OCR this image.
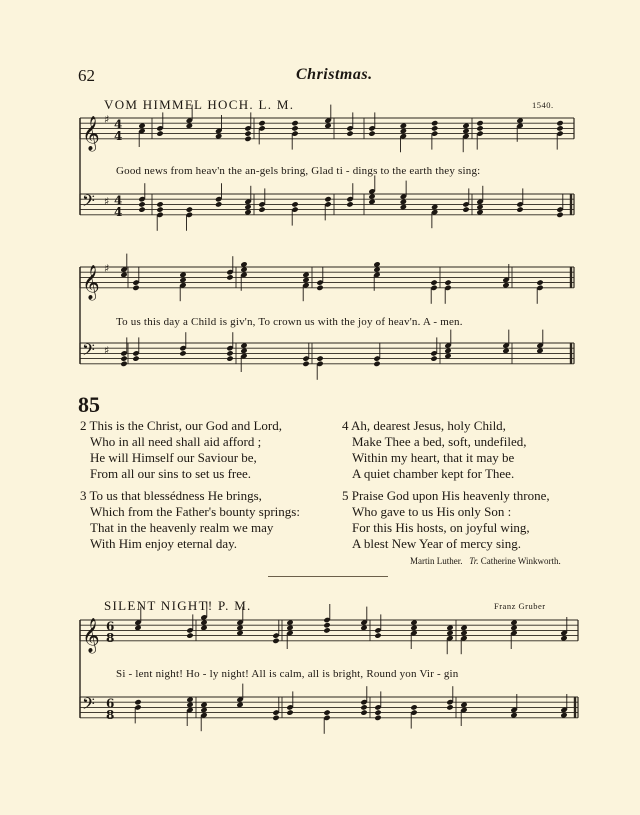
62	Christmas.
VOM HIMMEL HOCH. L. M.	1540.
𝄞 ♯ 4
4
𝄢 ♯ 4
4
𝄞 ♯
𝄢 ♯
𝄞 6
8
𝄢 6
8
Good news from heav'n the an-gels bring, Glad ti - dings to the earth they sing:
To us this day a Child is giv'n, To crown us with the joy of heav'n. A - men.
85
2 This is the Christ, our God and Lord,
Who in all need shall aid afford ;
He will Himself our Saviour be,
From all our sins to set us free.
3 To us that blessédness He brings,
Which from the Father's bounty springs:
That in the heavenly realm we may
With Him enjoy eternal day.
4 Ah, dearest Jesus, holy Child,
Make Thee a bed, soft, undefiled,
Within my heart, that it may be
A quiet chamber kept for Thee.
5 Praise God upon His heavenly throne,
Who gave to us His only Son :
For this His hosts, on joyful wing,
A blest New Year of mercy sing.
Martin Luther. Tr. Catherine Winkworth.
SILENT NIGHT! P. M.	Franz Gruber
Si - lent night! Ho - ly night! All is calm, all is bright, Round yon Vir - gin
